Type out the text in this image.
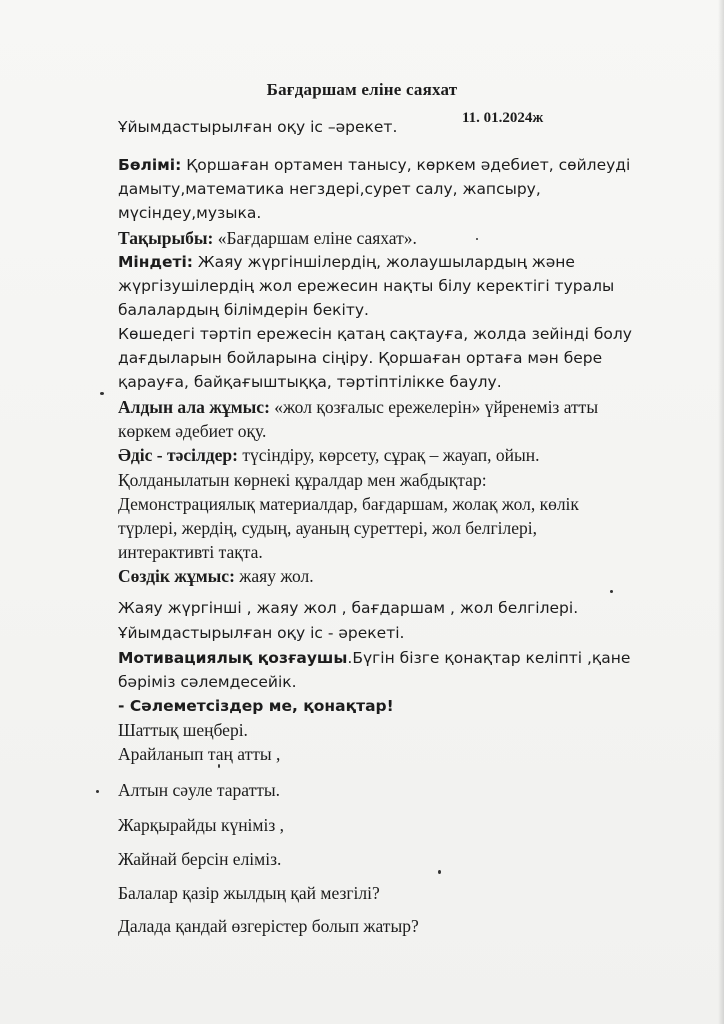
Бағдаршам еліне саяхат
Ұйымдастырылған оқу іс –әрекет.	11. 01.2024ж
Бөлімі: Қоршаған ортамен танысу, көркем әдебиет, сөйлеуді
дамыту,математика негздері,сурет салу, жапсыру,
мүсіндеу,музыка.
Тақырыбы: «Бағдаршам еліне саяхат».
Міндеті: Жаяу жүргіншілердің, жолаушылардың және
жүргізушілердің жол ережесин нақты білу керектігі туралы
балалардың білімдерін бекіту.
Көшедегі тәртіп ережесін қатаң сақтауға, жолда зейінді болу
дағдыларын бойларына сіңіру. Қоршаған ортаға мән бере
қарауға, байқағыштыққа, тәртіптілікке баулу.
Алдын ала жұмыс: «жол қозғалыс ережелерін» үйренеміз атты
көркем әдебиет оқу.
Әдіс - тәсілдер: түсіндіру, көрсету, сұрақ – жауап, ойын.
Қолданылатын көрнекі құралдар мен жабдықтар:
Демонстрациялық материалдар, бағдаршам, жолақ жол, көлік
түрлері, жердің, судың, ауаның суреттері, жол белгілері,
интерактивті тақта.
Сөздік жұмыс: жаяу жол.
Жаяу жүргінші , жаяу жол , бағдаршам , жол белгілері.
Ұйымдастырылған оқу іс - әрекеті.
Мотивациялық қозғаушы.Бүгін бізге қонақтар келіпті ,қане
бәріміз сәлемдесейік.
- Сәлеметсіздер ме, қонақтар!
Шаттық шеңбері.
Арайланып таң атты ,
Алтын сәуле таратты.
Жарқырайды күніміз ,
Жайнай берсін еліміз.
Балалар қазір жылдың қай мезгілі?
Далада қандай өзгерістер болып жатыр?
